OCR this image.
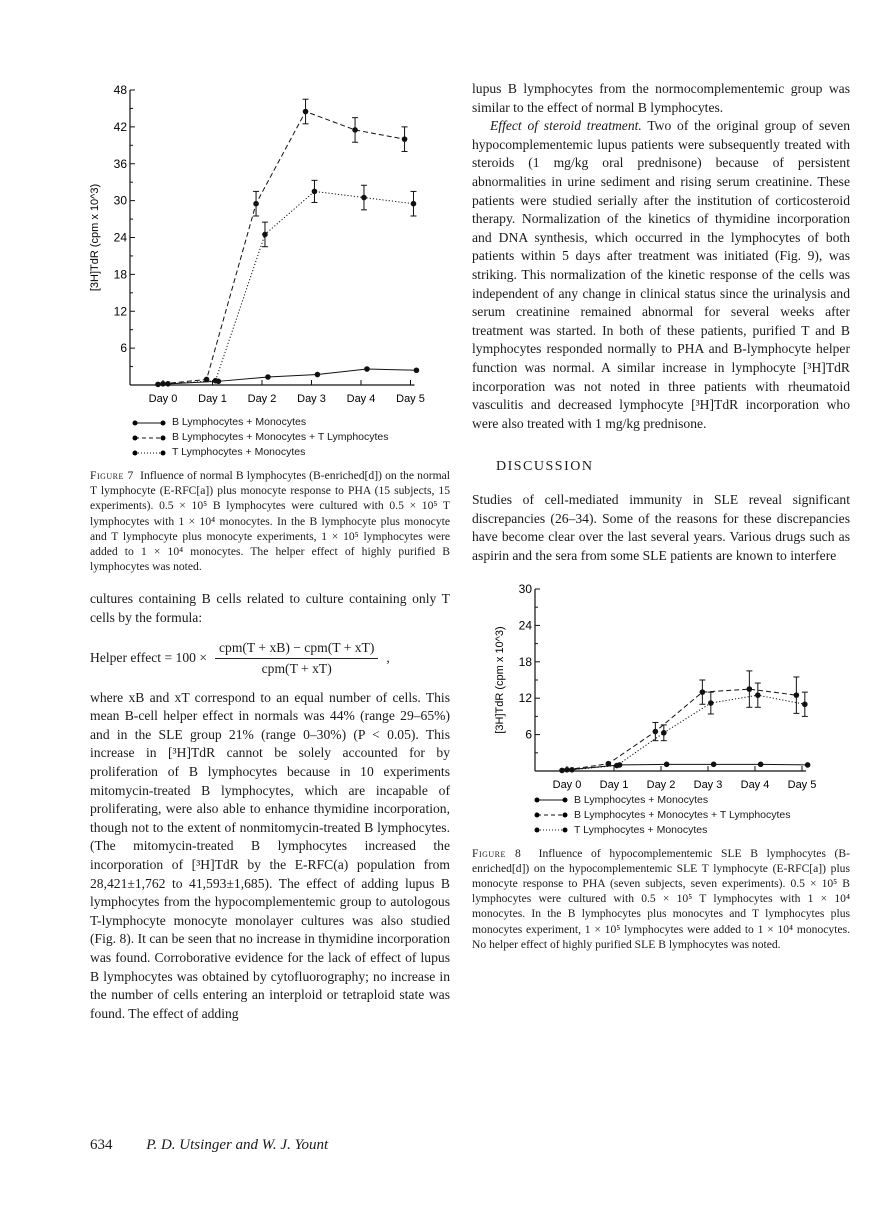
6
12
18
24
30
36
42
48
Day 0 Day 1 Day 2 Day 3 Day 4 Day 5
[3H]TdR (cpm x 10^3)
B Lymphocytes + Monocytes
B Lymphocytes + Monocytes + T Lymphocytes
T Lymphocytes + Monocytes

Figure 7 Influence of normal B lymphocytes (B-enriched[d]) on the normal T lymphocyte (E-RFC[a]) plus monocyte response to PHA (15 subjects, 15 experiments). 0.5 × 10⁵ B lymphocytes were cultured with 0.5 × 10⁵ T lymphocytes with 1 × 10⁴ monocytes. In the B lymphocyte plus monocyte and T lymphocyte plus monocyte experiments, 1 × 10⁵ lymphocytes were added to 1 × 10⁴ monocytes. The helper effect of highly purified B lymphocytes was noted.

cultures containing B cells related to culture containing only T cells by the formula:

Helper effect = $100 \times \frac{\text{cpm(T + xB) − cpm(T + xT)}}{\text{cpm(T + xT)}}$ ,

where xB and xT correspond to an equal number of cells. This mean B-cell helper effect in normals was 44% (range 29–65%) and in the SLE group 21% (range 0–30%) (P < 0.05). This increase in [³H]TdR cannot be solely accounted for by proliferation of B lymphocytes because in 10 experiments mitomycin-treated B lymphocytes, which are incapable of proliferating, were also able to enhance thymidine incorporation, though not to the extent of nonmitomycin-treated B lymphocytes. (The mitomycin-treated B lymphocytes increased the incorporation of [³H]TdR by the E-RFC(a) population from 28,421±1,762 to 41,593±1,685). The effect of adding lupus B lymphocytes from the hypocomplementemic group to autologous T-lymphocyte monocyte monolayer cultures was also studied (Fig. 8). It can be seen that no increase in thymidine incorporation was found. Corroborative evidence for the lack of effect of lupus B lymphocytes was obtained by cytofluorography; no increase in the number of cells entering an interploid or tetraploid state was found. The effect of adding

lupus B lymphocytes from the normocomplementemic group was similar to the effect of normal B lymphocytes.

Effect of steroid treatment. Two of the original group of seven hypocomplementemic lupus patients were subsequently treated with steroids (1 mg/kg oral prednisone) because of persistent abnormalities in urine sediment and rising serum creatinine. These patients were studied serially after the institution of corticosteroid therapy. Normalization of the kinetics of thymidine incorporation and DNA synthesis, which occurred in the lymphocytes of both patients within 5 days after treatment was initiated (Fig. 9), was striking. This normalization of the kinetic response of the cells was independent of any change in clinical status since the urinalysis and serum creatinine remained abnormal for several weeks after treatment was started. In both of these patients, purified T and B lymphocytes responded normally to PHA and B-lymphocyte helper function was normal. A similar increase in lymphocyte [³H]TdR incorporation was not noted in three patients with rheumatoid vasculitis and decreased lymphocyte [³H]TdR incorporation who were also treated with 1 mg/kg prednisone.

DISCUSSION

Studies of cell-mediated immunity in SLE reveal significant discrepancies (26–34). Some of the reasons for these discrepancies have become clear over the last several years. Various drugs such as aspirin and the sera from some SLE patients are known to interfere

6
12
18
24
30
Day 0 Day 1 Day 2 Day 3 Day 4 Day 5
[3H]TdR (cpm x 10^3)
B Lymphocytes + Monocytes
B Lymphocytes + Monocytes + T Lymphocytes
T Lymphocytes + Monocytes

Figure 8 Influence of hypocomplementemic SLE B lymphocytes (B-enriched[d]) on the hypocomplementemic SLE T lymphocyte (E-RFC[a]) plus monocyte response to PHA (seven subjects, seven experiments). 0.5 × 10⁵ B lymphocytes were cultured with 0.5 × 10⁵ T lymphocytes with 1 × 10⁴ monocytes. In the B lymphocytes plus monocytes and T lymphocytes plus monocytes experiment, 1 × 10⁵ lymphocytes were added to 1 × 10⁴ monocytes. No helper effect of highly purified SLE B lymphocytes was noted.

634 P. D. Utsinger and W. J. Yount
